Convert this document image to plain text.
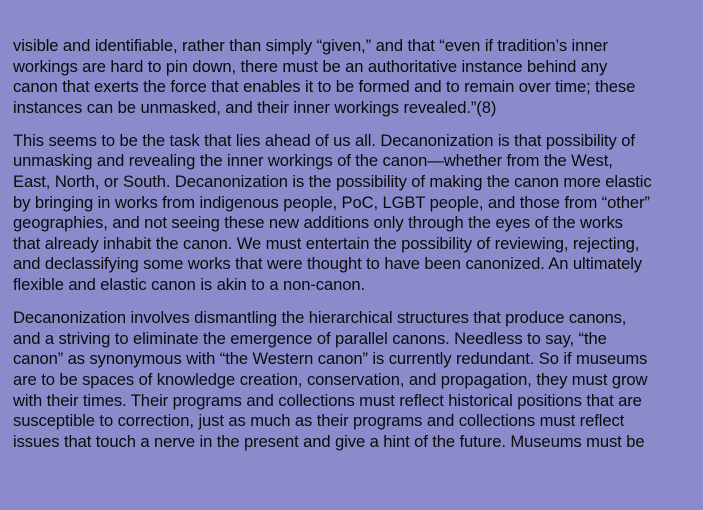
visible and identifiable, rather than simply “given,” and that “even if tradition’s inner
workings are hard to pin down, there must be an authoritative instance behind any
canon that exerts the force that enables it to be formed and to remain over time; these
instances can be unmasked, and their inner workings revealed.”(8)

This seems to be the task that lies ahead of us all. Decanonization is that possibility of
unmasking and revealing the inner workings of the canon—whether from the West,
East, North, or South. Decanonization is the possibility of making the canon more elastic
by bringing in works from indigenous people, PoC, LGBT people, and those from “other”
geographies, and not seeing these new additions only through the eyes of the works
that already inhabit the canon. We must entertain the possibility of reviewing, rejecting,
and declassifying some works that were thought to have been canonized. An ultimately
flexible and elastic canon is akin to a non-canon.

Decanonization involves dismantling the hierarchical structures that produce canons,
and a striving to eliminate the emergence of parallel canons. Needless to say, “the
canon” as synonymous with “the Western canon” is currently redundant. So if museums
are to be spaces of knowledge creation, conservation, and propagation, they must grow
with their times. Their programs and collections must reflect historical positions that are
susceptible to correction, just as much as their programs and collections must reflect
issues that touch a nerve in the present and give a hint of the future. Museums must be
